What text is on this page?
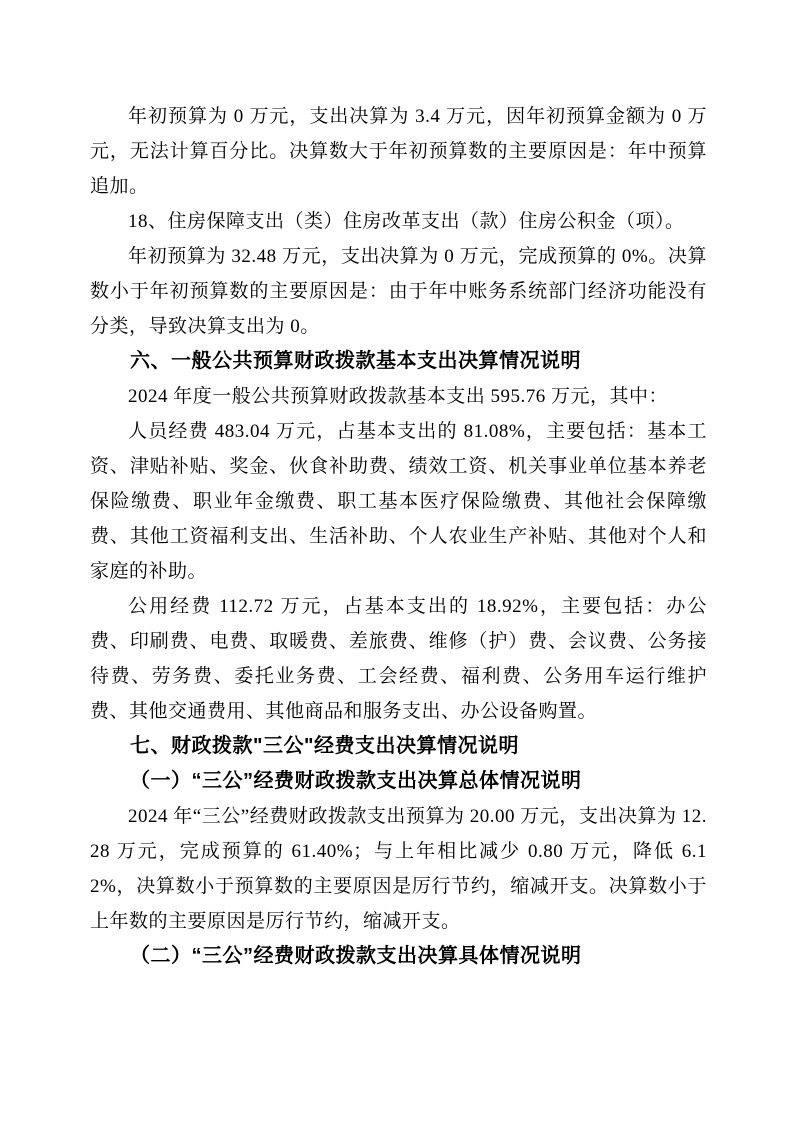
年初预算为 0 万元，支出决算为 3.4 万元，因年初预算金额为 0 万元，无法计算百分比。决算数大于年初预算数的主要原因是：年中预算追加。

18、住房保障支出（类）住房改革支出（款）住房公积金（项）。

年初预算为 32.48 万元，支出决算为 0 万元，完成预算的 0%。决算数小于年初预算数的主要原因是：由于年中账务系统部门经济功能没有分类，导致决算支出为 0。

六、一般公共预算财政拨款基本支出决算情况说明

2024 年度一般公共预算财政拨款基本支出 595.76 万元，其中：

人员经费 483.04 万元，占基本支出的 81.08%，主要包括：基本工资、津贴补贴、奖金、伙食补助费、绩效工资、机关事业单位基本养老保险缴费、职业年金缴费、职工基本医疗保险缴费、其他社会保障缴费、其他工资福利支出、生活补助、个人农业生产补贴、其他对个人和家庭的补助。

公用经费 112.72 万元，占基本支出的 18.92%，主要包括：办公费、印刷费、电费、取暖费、差旅费、维修（护）费、会议费、公务接待费、劳务费、委托业务费、工会经费、福利费、公务用车运行维护费、其他交通费用、其他商品和服务支出、办公设备购置。

七、财政拨款"三公"经费支出决算情况说明

（一）“三公”经费财政拨款支出决算总体情况说明

2024 年“三公”经费财政拨款支出预算为 20.00 万元，支出决算为 12.28 万元，完成预算的 61.40%；与上年相比减少 0.80 万元，降低 6.12%，决算数小于预算数的主要原因是厉行节约，缩减开支。决算数小于上年数的主要原因是厉行节约，缩减开支。

（二）“三公”经费财政拨款支出决算具体情况说明
